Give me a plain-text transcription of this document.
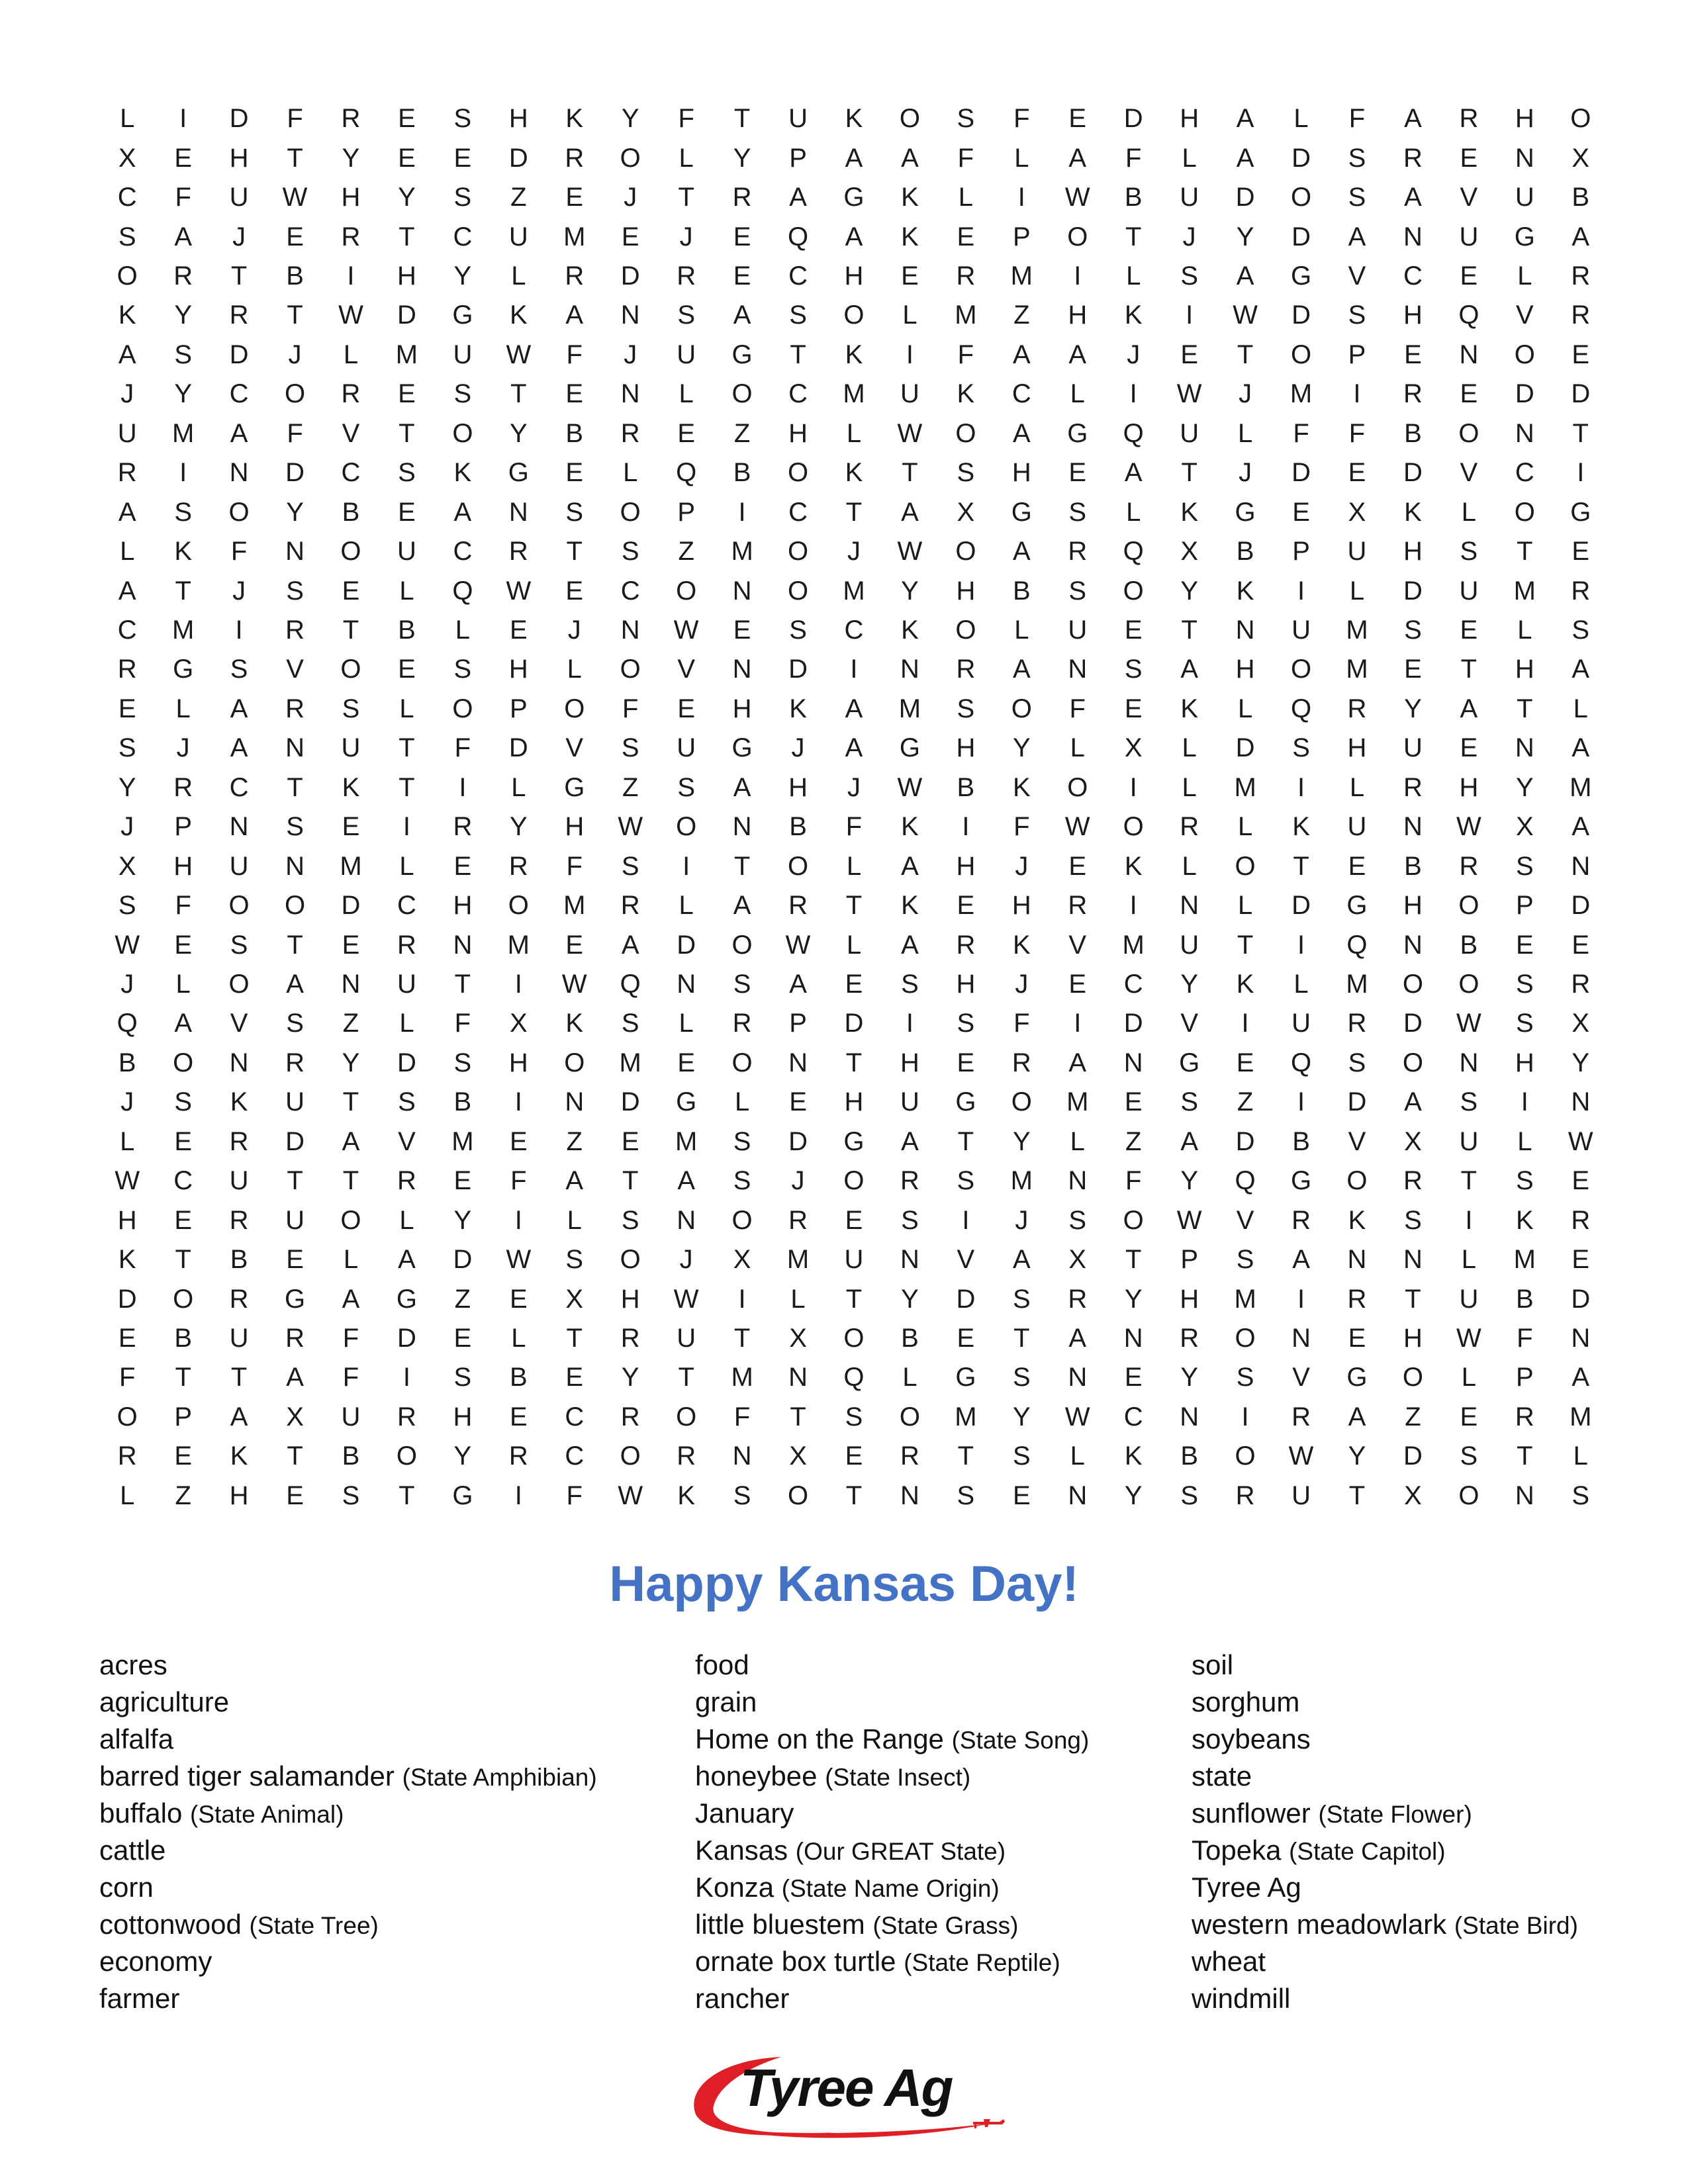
L	I	D	F	R	E	S	H	K	Y	F	T	U	K	O	S	F	E	D	H	A	L	F	A	R	H	O
X	E	H	T	Y	E	E	D	R	O	L	Y	P	A	A	F	L	A	F	L	A	D	S	R	E	N	X
C	F	U	W	H	Y	S	Z	E	J	T	R	A	G	K	L	I	W	B	U	D	O	S	A	V	U	B
S	A	J	E	R	T	C	U	M	E	J	E	Q	A	K	E	P	O	T	J	Y	D	A	N	U	G	A
O	R	T	B	I	H	Y	L	R	D	R	E	C	H	E	R	M	I	L	S	A	G	V	C	E	L	R
K	Y	R	T	W	D	G	K	A	N	S	A	S	O	L	M	Z	H	K	I	W	D	S	H	Q	V	R
A	S	D	J	L	M	U	W	F	J	U	G	T	K	I	F	A	A	J	E	T	O	P	E	N	O	E
J	Y	C	O	R	E	S	T	E	N	L	O	C	M	U	K	C	L	I	W	J	M	I	R	E	D	D
U	M	A	F	V	T	O	Y	B	R	E	Z	H	L	W	O	A	G	Q	U	L	F	F	B	O	N	T
R	I	N	D	C	S	K	G	E	L	Q	B	O	K	T	S	H	E	A	T	J	D	E	D	V	C	I
A	S	O	Y	B	E	A	N	S	O	P	I	C	T	A	X	G	S	L	K	G	E	X	K	L	O	G
L	K	F	N	O	U	C	R	T	S	Z	M	O	J	W	O	A	R	Q	X	B	P	U	H	S	T	E
A	T	J	S	E	L	Q	W	E	C	O	N	O	M	Y	H	B	S	O	Y	K	I	L	D	U	M	R
C	M	I	R	T	B	L	E	J	N	W	E	S	C	K	O	L	U	E	T	N	U	M	S	E	L	S
R	G	S	V	O	E	S	H	L	O	V	N	D	I	N	R	A	N	S	A	H	O	M	E	T	H	A
E	L	A	R	S	L	O	P	O	F	E	H	K	A	M	S	O	F	E	K	L	Q	R	Y	A	T	L
S	J	A	N	U	T	F	D	V	S	U	G	J	A	G	H	Y	L	X	L	D	S	H	U	E	N	A
Y	R	C	T	K	T	I	L	G	Z	S	A	H	J	W	B	K	O	I	L	M	I	L	R	H	Y	M
J	P	N	S	E	I	R	Y	H	W	O	N	B	F	K	I	F	W	O	R	L	K	U	N	W	X	A
X	H	U	N	M	L	E	R	F	S	I	T	O	L	A	H	J	E	K	L	O	T	E	B	R	S	N
S	F	O	O	D	C	H	O	M	R	L	A	R	T	K	E	H	R	I	N	L	D	G	H	O	P	D
W	E	S	T	E	R	N	M	E	A	D	O	W	L	A	R	K	V	M	U	T	I	Q	N	B	E	E
J	L	O	A	N	U	T	I	W	Q	N	S	A	E	S	H	J	E	C	Y	K	L	M	O	O	S	R
Q	A	V	S	Z	L	F	X	K	S	L	R	P	D	I	S	F	I	D	V	I	U	R	D	W	S	X
B	O	N	R	Y	D	S	H	O	M	E	O	N	T	H	E	R	A	N	G	E	Q	S	O	N	H	Y
J	S	K	U	T	S	B	I	N	D	G	L	E	H	U	G	O	M	E	S	Z	I	D	A	S	I	N
L	E	R	D	A	V	M	E	Z	E	M	S	D	G	A	T	Y	L	Z	A	D	B	V	X	U	L	W
W	C	U	T	T	R	E	F	A	T	A	S	J	O	R	S	M	N	F	Y	Q	G	O	R	T	S	E
H	E	R	U	O	L	Y	I	L	S	N	O	R	E	S	I	J	S	O	W	V	R	K	S	I	K	R
K	T	B	E	L	A	D	W	S	O	J	X	M	U	N	V	A	X	T	P	S	A	N	N	L	M	E
D	O	R	G	A	G	Z	E	X	H	W	I	L	T	Y	D	S	R	Y	H	M	I	R	T	U	B	D
E	B	U	R	F	D	E	L	T	R	U	T	X	O	B	E	T	A	N	R	O	N	E	H	W	F	N
F	T	T	A	F	I	S	B	E	Y	T	M	N	Q	L	G	S	N	E	Y	S	V	G	O	L	P	A
O	P	A	X	U	R	H	E	C	R	O	F	T	S	O	M	Y	W	C	N	I	R	A	Z	E	R	M
R	E	K	T	B	O	Y	R	C	O	R	N	X	E	R	T	S	L	K	B	O	W	Y	D	S	T	L
L	Z	H	E	S	T	G	I	F	W	K	S	O	T	N	S	E	N	Y	S	R	U	T	X	O	N	S
Happy Kansas Day!
acres
agriculture
alfalfa
barred tiger salamander (State Amphibian)
buffalo (State Animal)
cattle
corn
cottonwood (State Tree)
economy
farmer
food
grain
Home on the Range (State Song)
honeybee (State Insect)
January
Kansas (Our GREAT State)
Konza (State Name Origin)
little bluestem (State Grass)
ornate box turtle (State Reptile)
rancher
soil
sorghum
soybeans
state
sunflower (State Flower)
Topeka (State Capitol)
Tyree Ag
western meadowlark (State Bird)
wheat
windmill
Tyree Ag
